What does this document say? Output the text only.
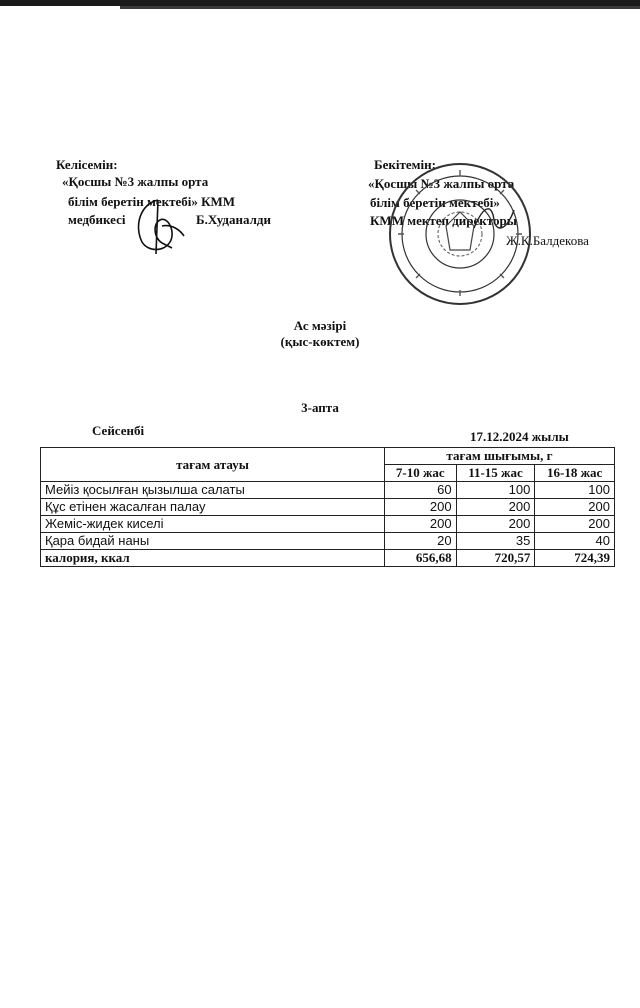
Келісемін:
«Қосшы №3 жалпы орта
білім беретін мектебі» КММ
медбикесі	Б.Худаналди
Бекітемін:
«Қосшы №3 жалпы орта
білім беретін мектебі»
КММ мектеп директоры
Ж.К.Балдекова
Ас мәзірі
(қыс-көктем)
3-апта
Сейсенбі	17.12.2024 жылы
тағам атауы	тағам шығымы, г		
	7-10 жас	11-15 жас	16-18 жас
Мейіз қосылған қызылша салаты	60	100	100
Құс етінен жасалған палау	200	200	200
Жеміс-жидек киселі	200	200	200
Қара бидай наны	20	35	40
калория, ккал	656,68	720,57	724,39
